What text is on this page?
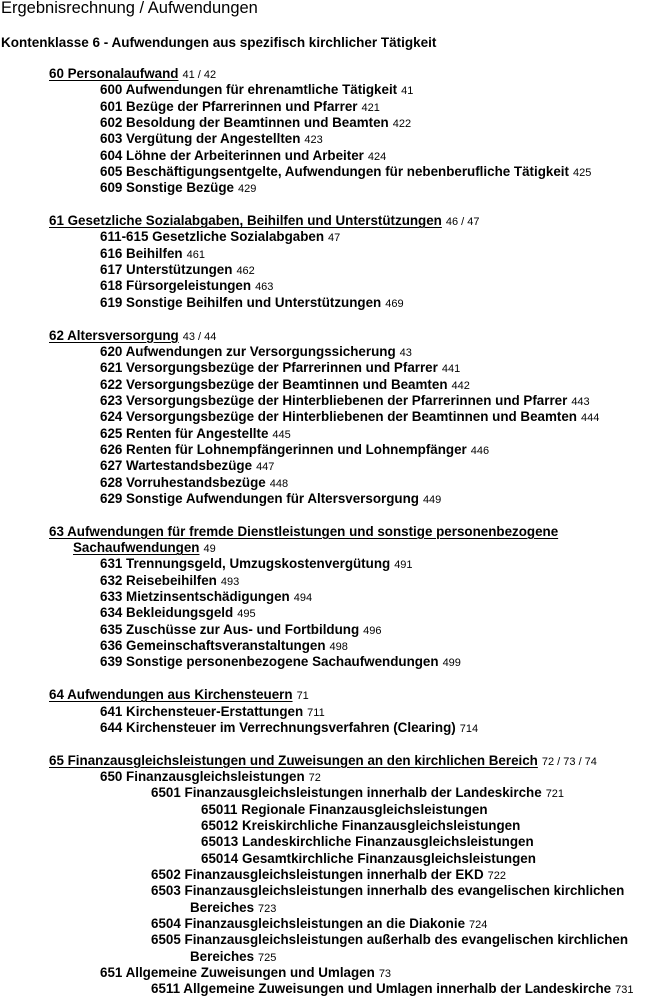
Ergebnisrechnung / Aufwendungen
Kontenklasse 6 - Aufwendungen aus spezifisch kirchlicher Tätigkeit
60 Personalaufwand 41 / 42
600 Aufwendungen für ehrenamtliche Tätigkeit 41
601 Bezüge der Pfarrerinnen und Pfarrer 421
602 Besoldung der Beamtinnen und Beamten 422
603 Vergütung der Angestellten 423
604 Löhne der Arbeiterinnen und Arbeiter 424
605 Beschäftigungsentgelte, Aufwendungen für nebenberufliche Tätigkeit 425
609 Sonstige Bezüge 429
61 Gesetzliche Sozialabgaben, Beihilfen und Unterstützungen 46 / 47
611-615 Gesetzliche Sozialabgaben 47
616 Beihilfen 461
617 Unterstützungen 462
618 Fürsorgeleistungen 463
619 Sonstige Beihilfen und Unterstützungen 469
62 Altersversorgung 43 / 44
620 Aufwendungen zur Versorgungssicherung 43
621 Versorgungsbezüge der Pfarrerinnen und Pfarrer 441
622 Versorgungsbezüge der Beamtinnen und Beamten 442
623 Versorgungsbezüge der Hinterbliebenen der Pfarrerinnen und Pfarrer 443
624 Versorgungsbezüge der Hinterbliebenen der Beamtinnen und Beamten 444
625 Renten für Angestellte 445
626 Renten für Lohnempfängerinnen und Lohnempfänger 446
627 Wartestandsbezüge 447
628 Vorruhestandsbezüge 448
629 Sonstige Aufwendungen für Altersversorgung 449
63 Aufwendungen für fremde Dienstleistungen und sonstige personenbezogene
Sachaufwendungen 49
631 Trennungsgeld, Umzugskostenvergütung 491
632 Reisebeihilfen 493
633 Mietzinsentschädigungen 494
634 Bekleidungsgeld 495
635 Zuschüsse zur Aus- und Fortbildung 496
636 Gemeinschaftsveranstaltungen 498
639 Sonstige personenbezogene Sachaufwendungen 499
64 Aufwendungen aus Kirchensteuern 71
641 Kirchensteuer-Erstattungen 711
644 Kirchensteuer im Verrechnungsverfahren (Clearing) 714
65 Finanzausgleichsleistungen und Zuweisungen an den kirchlichen Bereich 72 / 73 / 74
650 Finanzausgleichsleistungen 72
6501 Finanzausgleichsleistungen innerhalb der Landeskirche 721
65011 Regionale Finanzausgleichsleistungen
65012 Kreiskirchliche Finanzausgleichsleistungen
65013 Landeskirchliche Finanzausgleichsleistungen
65014 Gesamtkirchliche Finanzausgleichsleistungen
6502 Finanzausgleichsleistungen innerhalb der EKD 722
6503 Finanzausgleichsleistungen innerhalb des evangelischen kirchlichen
Bereiches 723
6504 Finanzausgleichsleistungen an die Diakonie 724
6505 Finanzausgleichsleistungen außerhalb des evangelischen kirchlichen
Bereiches 725
651 Allgemeine Zuweisungen und Umlagen 73
6511 Allgemeine Zuweisungen und Umlagen innerhalb der Landeskirche 731
